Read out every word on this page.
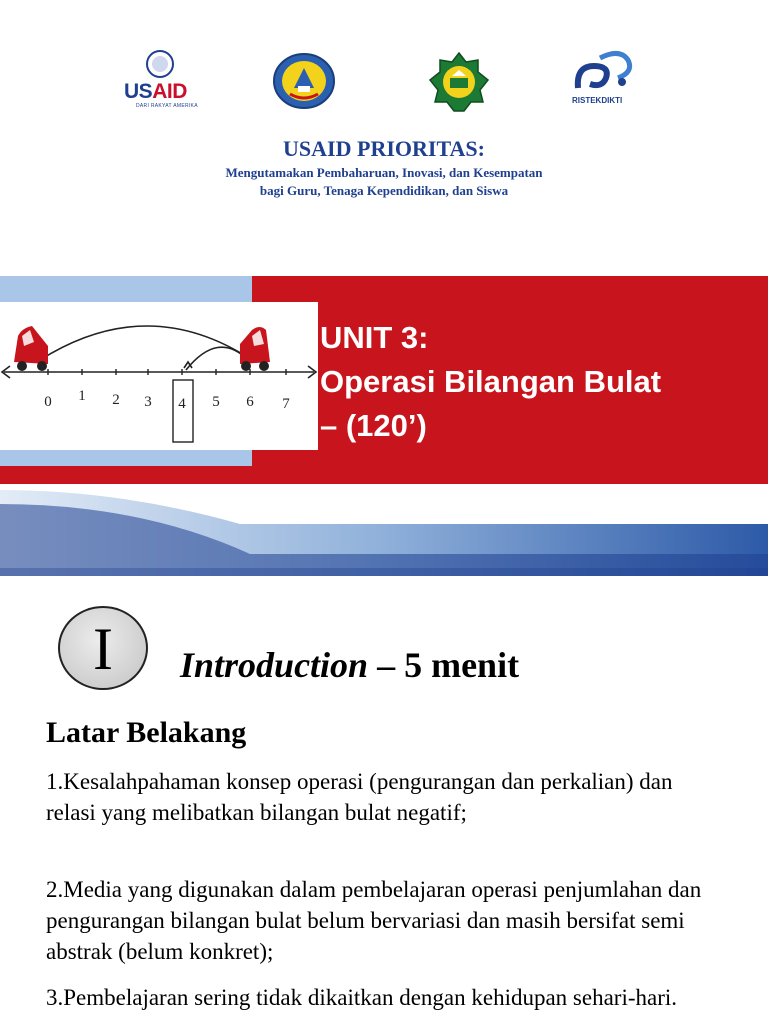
USAID
DARI RAKYAT AMERIKA
RISTEKDIKTI
USAID PRIORITAS:
Mengutamakan Pembaharuan, Inovasi, dan Kesempatan
bagi Guru, Tenaga Kependidikan, dan Siswa
0 1 2 3 4 5 6 7
UNIT 3:
Operasi Bilangan Bulat
– (120’)
I	Introduction – 5 menit
Latar Belakang
1.Kesalahpahaman konsep operasi (pengurangan dan perkalian) dan relasi yang melibatkan bilangan bulat negatif;
2.Media yang digunakan dalam pembelajaran operasi penjumlahan dan pengurangan bilangan bulat belum bervariasi dan masih bersifat semi abstrak (belum konkret);
3.Pembelajaran sering tidak dikaitkan dengan kehidupan sehari-hari.
